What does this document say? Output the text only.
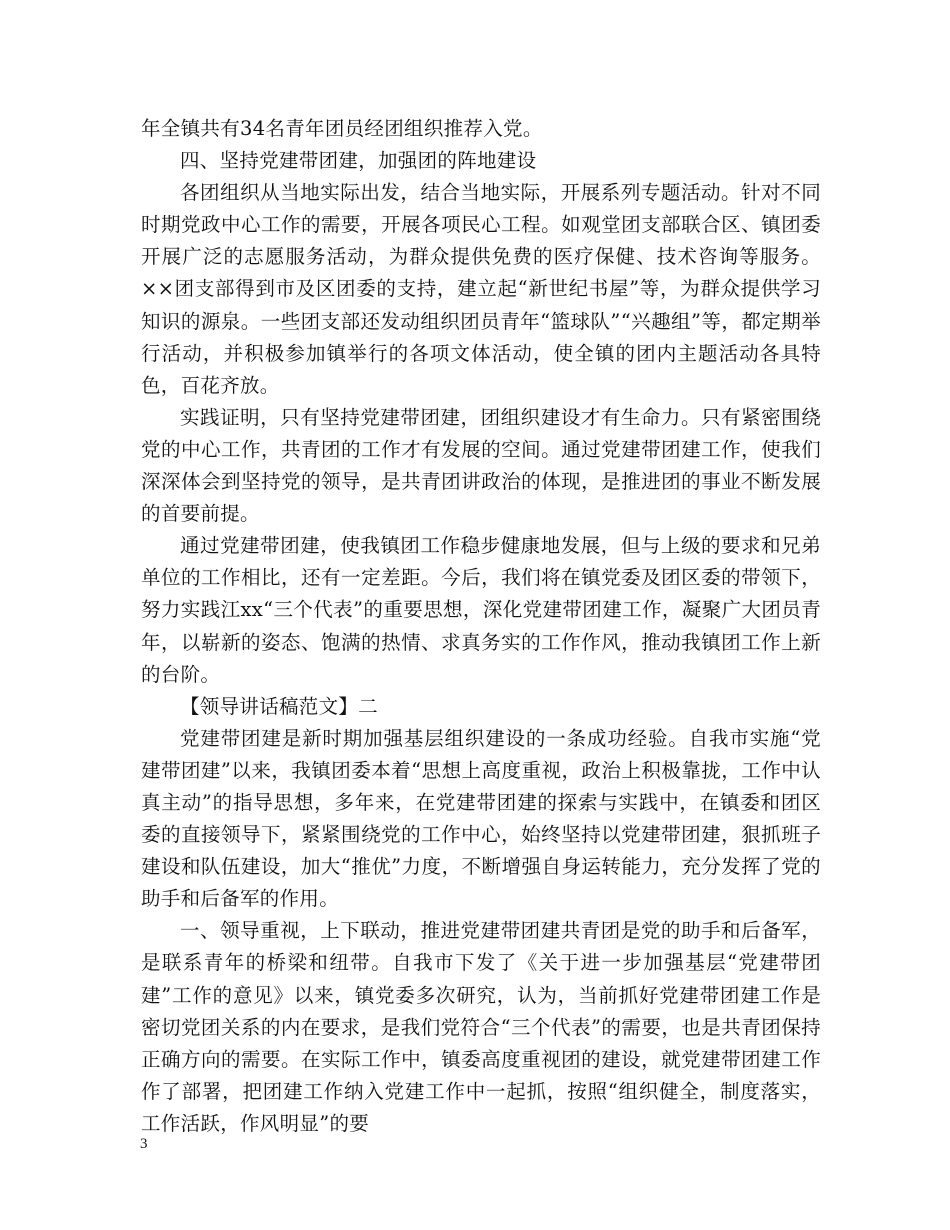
年全镇共有34名青年团员经团组织推荐入党。

四、坚持党建带团建，加强团的阵地建设

各团组织从当地实际出发，结合当地实际，开展系列专题活动。针对不同时期党政中心工作的需要，开展各项民心工程。如观堂团支部联合区、镇团委开展广泛的志愿服务活动，为群众提供免费的医疗保健、技术咨询等服务。××团支部得到市及区团委的支持，建立起“新世纪书屋”等，为群众提供学习知识的源泉。一些团支部还发动组织团员青年“篮球队”“兴趣组”等，都定期举行活动，并积极参加镇举行的各项文体活动，使全镇的团内主题活动各具特色，百花齐放。

实践证明，只有坚持党建带团建，团组织建设才有生命力。只有紧密围绕党的中心工作，共青团的工作才有发展的空间。通过党建带团建工作，使我们深深体会到坚持党的领导，是共青团讲政治的体现，是推进团的事业不断发展的首要前提。

通过党建带团建，使我镇团工作稳步健康地发展，但与上级的要求和兄弟单位的工作相比，还有一定差距。今后，我们将在镇党委及团区委的带领下，努力实践江xx“三个代表”的重要思想，深化党建带团建工作，凝聚广大团员青年，以崭新的姿态、饱满的热情、求真务实的工作作风，推动我镇团工作上新的台阶。

【领导讲话稿范文】二

党建带团建是新时期加强基层组织建设的一条成功经验。自我市实施“党建带团建”以来，我镇团委本着“思想上高度重视，政治上积极靠拢，工作中认真主动”的指导思想，多年来，在党建带团建的探索与实践中，在镇委和团区委的直接领导下，紧紧围绕党的工作中心，始终坚持以党建带团建，狠抓班子建设和队伍建设，加大“推优”力度，不断增强自身运转能力，充分发挥了党的助手和后备军的作用。

一、领导重视，上下联动，推进党建带团建共青团是党的助手和后备军，是联系青年的桥梁和纽带。自我市下发了《关于进一步加强基层“党建带团建”工作的意见》以来，镇党委多次研究，认为，当前抓好党建带团建工作是密切党团关系的内在要求，是我们党符合“三个代表”的需要，也是共青团保持正确方向的需要。在实际工作中，镇委高度重视团的建设，就党建带团建工作作了部署，把团建工作纳入党建工作中一起抓，按照“组织健全，制度落实，工作活跃，作风明显”的要

3
